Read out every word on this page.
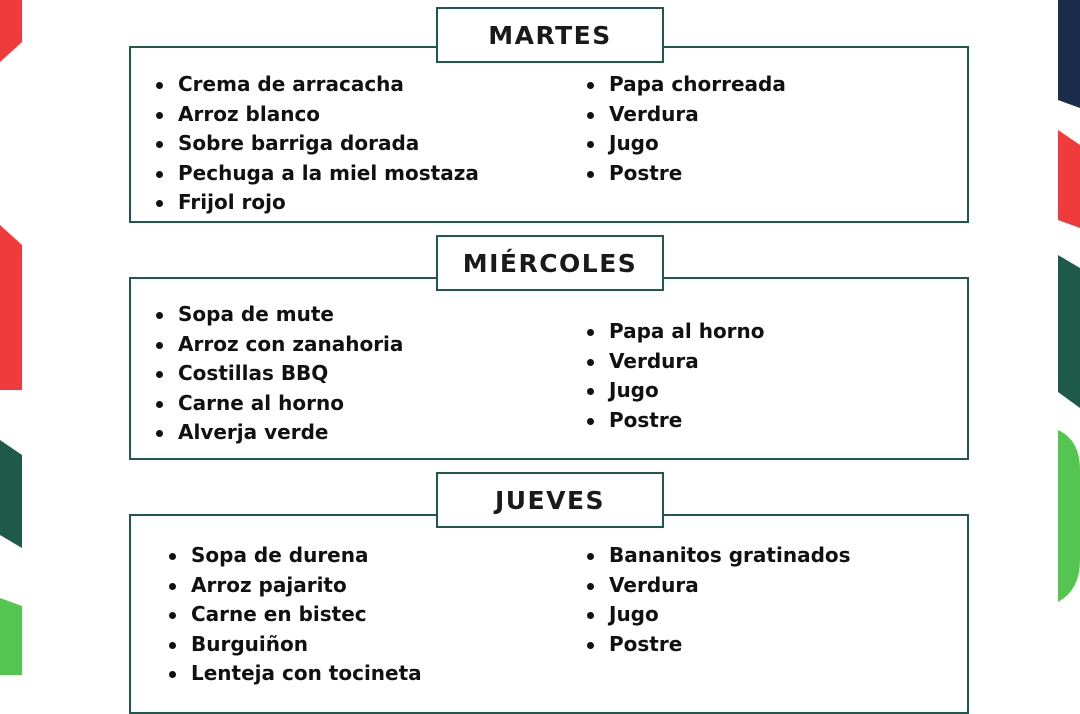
MARTES
Crema de arracacha
Arroz blanco
Sobre barriga dorada
Pechuga a la miel mostaza
Frijol rojo
Papa chorreada
Verdura
Jugo
Postre
MIÉRCOLES
Sopa de mute
Arroz con zanahoria
Costillas BBQ
Carne al horno
Alverja verde
Papa al horno
Verdura
Jugo
Postre
JUEVES
Sopa de durena
Arroz pajarito
Carne en bistec
Burguiñon
Lenteja con tocineta
Bananitos gratinados
Verdura
Jugo
Postre
